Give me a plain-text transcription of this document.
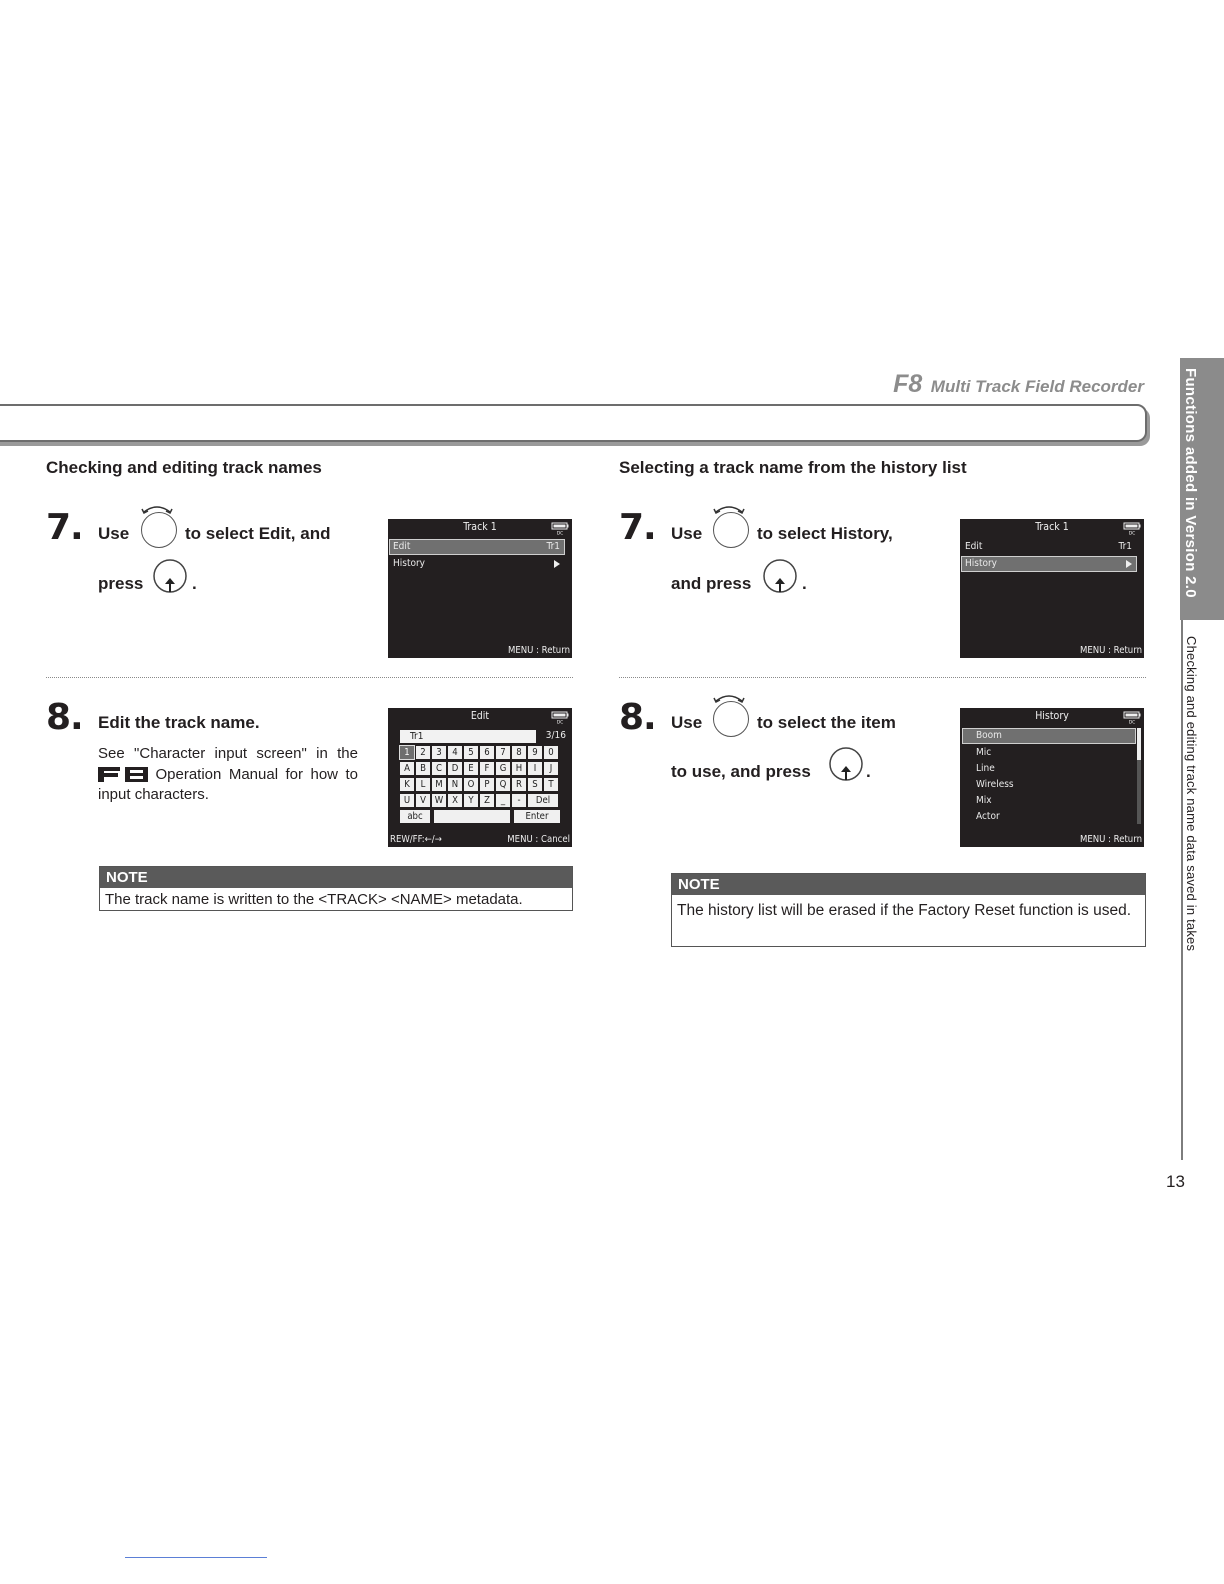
F8 Multi Track Field Recorder	Functions added in Version 2.0
Checking and editing track name data saved in takes
13
Checking and editing track names
7. Use	to select Edit, and
press	.
Track 1
DC
Edit	Tr1
History
MENU : Return
8. Edit the track name.
See "Character input screen" in the  Operation Manual for how to input characters.
Edit
DC
Tr1	3/16
1	2	3	4	5	6	7	8	9	0
A	B	C	D	E	F	G H	I	J
K	L	M N O	P	Q	R	S	T
U	V W X	Y	Z	_	-	Del
abc	Enter
REW/FF:←/→	MENU : Cancel
NOTE
The track name is written to the <TRACK> <NAME> metadata.
Selecting a track name from the history list
7. Use	to select History,
and press	.
Track 1
DC
Edit	Tr1
History
MENU : Return
8. Use	to select the item
to use, and press	.
History
DC
Boom
Mic
Line
Wireless
Mix
Actor
MENU : Return
NOTE
The history list will be erased if the Factory Reset function is used.
